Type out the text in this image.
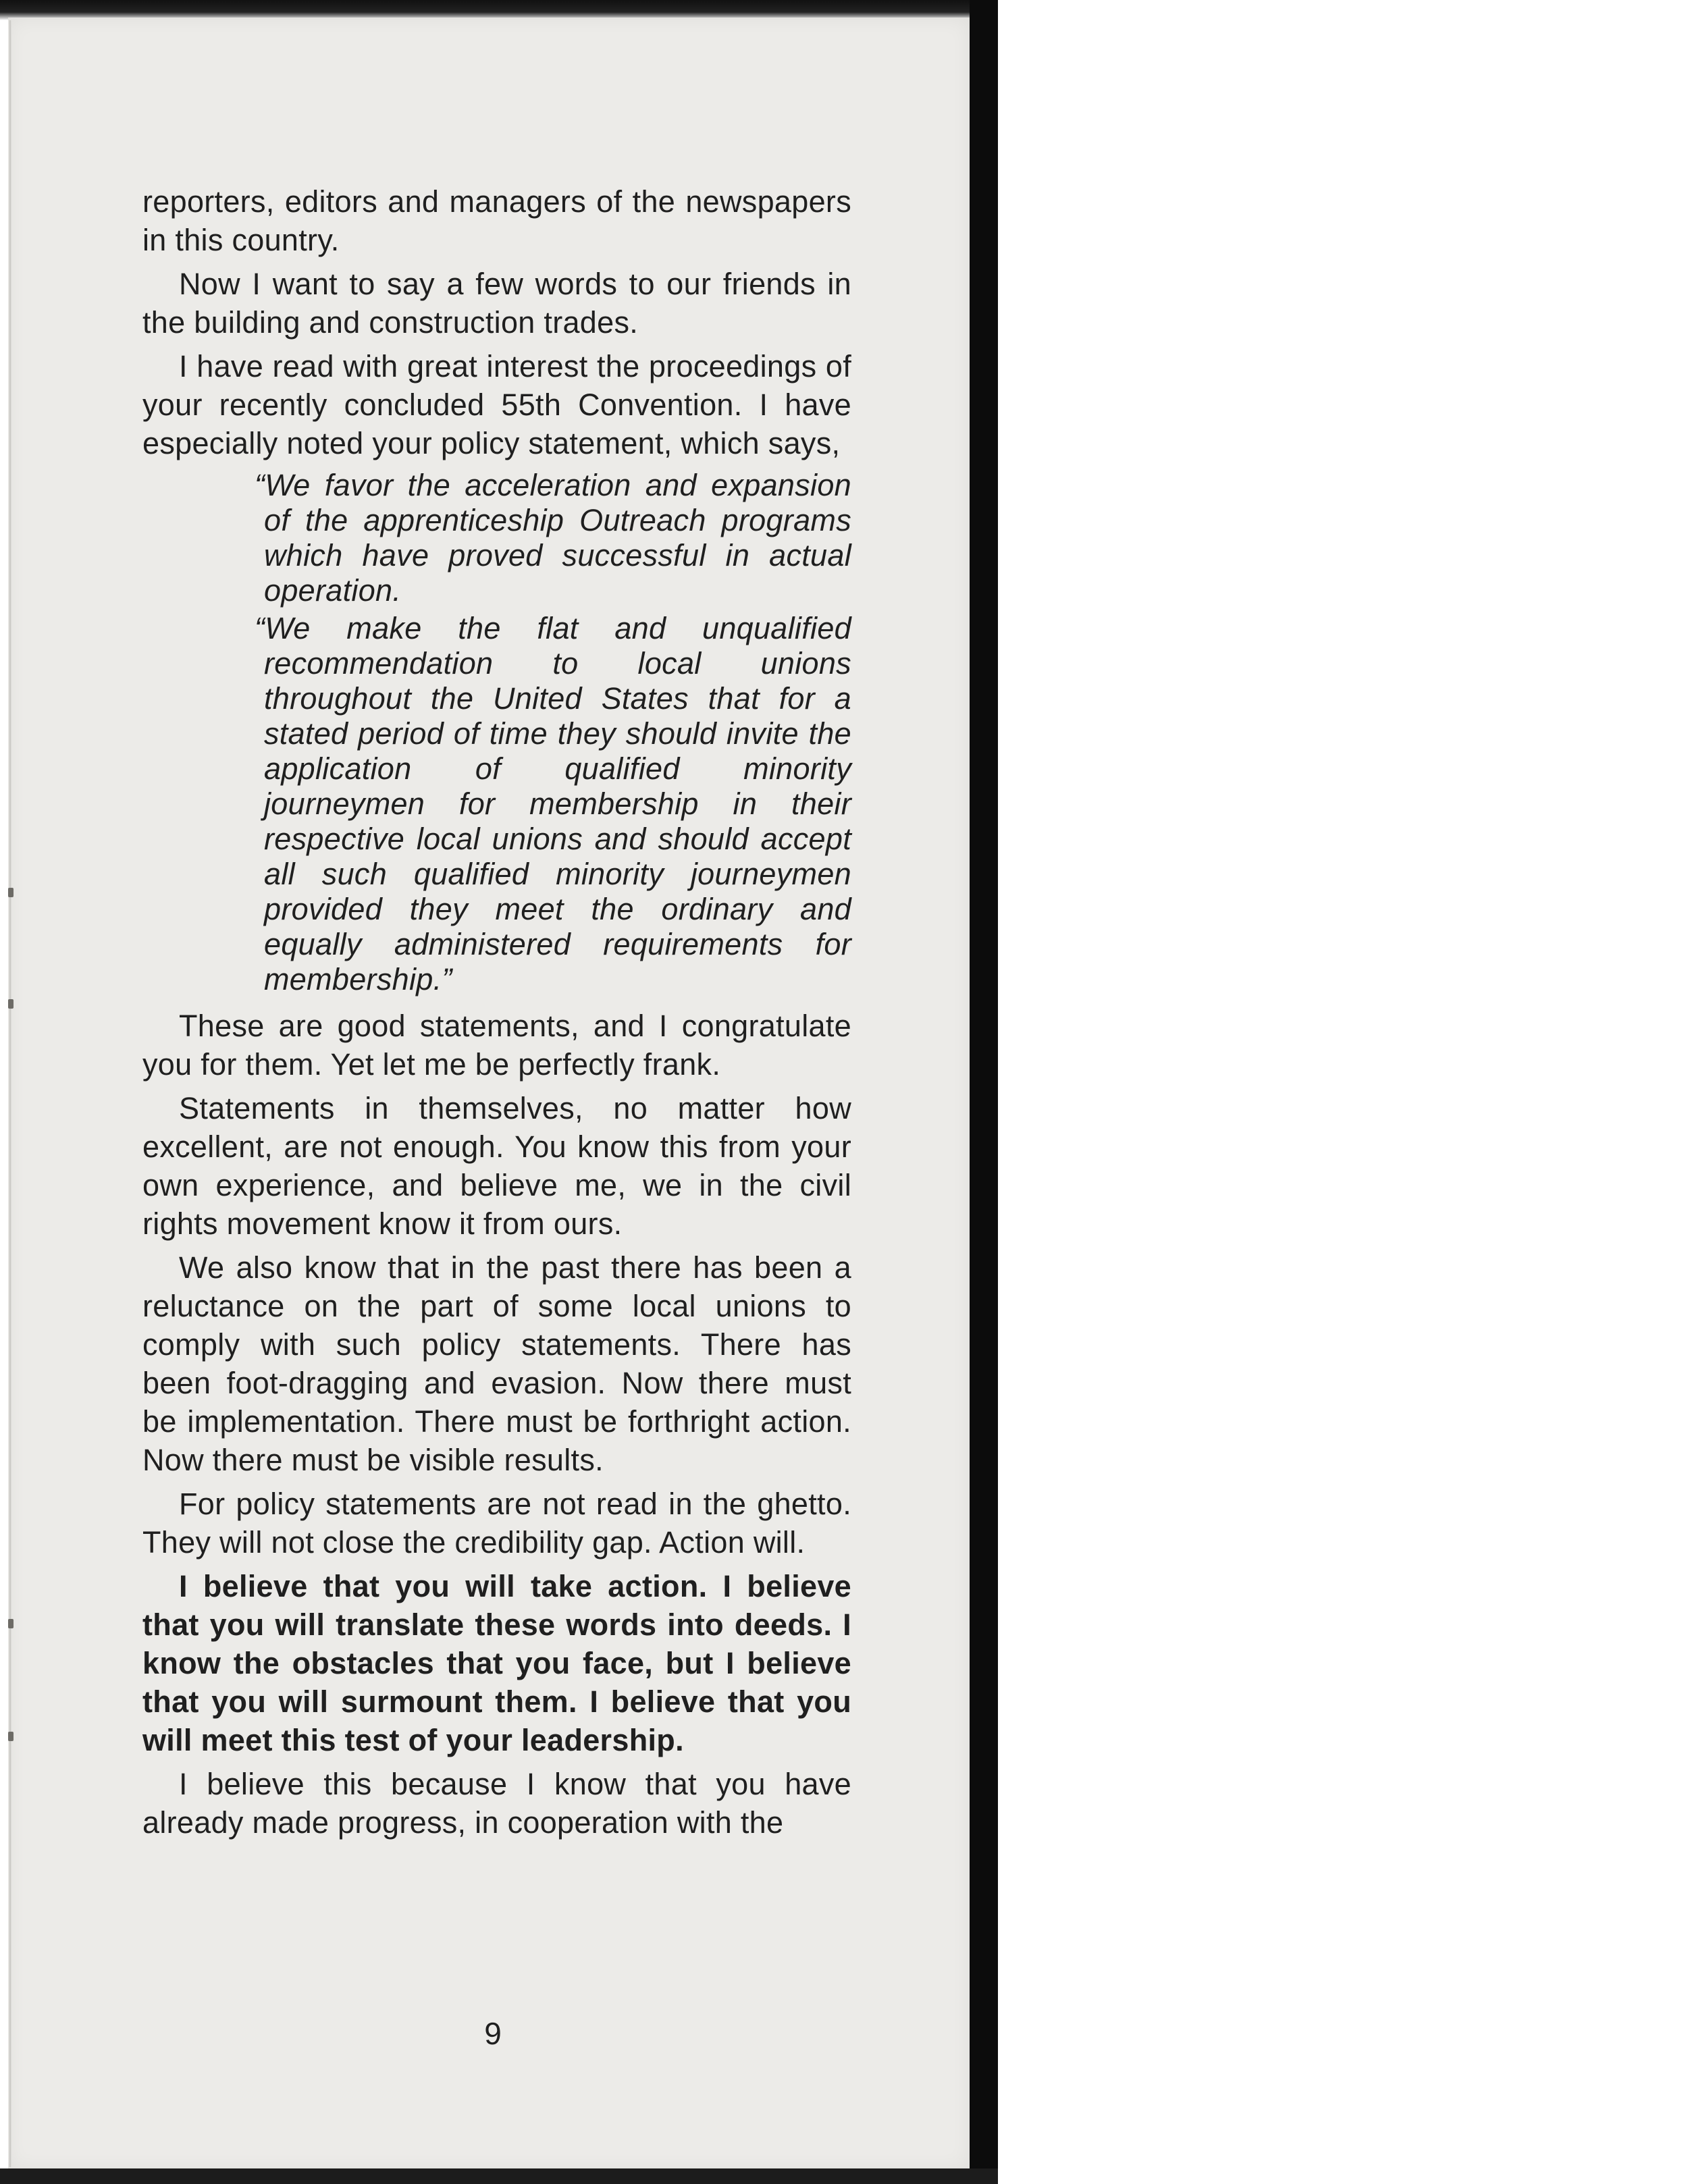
reporters, editors and managers of the newspapers in this country.

Now I want to say a few words to our friends in the building and construction trades.

I have read with great interest the proceedings of your recently concluded 55th Convention. I have especially noted your policy statement, which says,

“We favor the acceleration and expansion of the apprenticeship Outreach programs which have proved successful in actual operation.

“We make the flat and unqualified recommendation to local unions throughout the United States that for a stated period of time they should invite the application of qualified minority journeymen for membership in their respective local unions and should accept all such qualified minority journeymen provided they meet the ordinary and equally administered requirements for membership.”

These are good statements, and I congratulate you for them. Yet let me be perfectly frank.

Statements in themselves, no matter how excellent, are not enough. You know this from your own experience, and believe me, we in the civil rights movement know it from ours.

We also know that in the past there has been a reluctance on the part of some local unions to comply with such policy statements. There has been foot-dragging and evasion. Now there must be implementation. There must be forthright action. Now there must be visible results.

For policy statements are not read in the ghetto. They will not close the credibility gap. Action will.

I believe that you will take action. I believe that you will translate these words into deeds. I know the obstacles that you face, but I believe that you will surmount them. I believe that you will meet this test of your leadership.

I believe this because I know that you have already made progress, in cooperation with the

9
